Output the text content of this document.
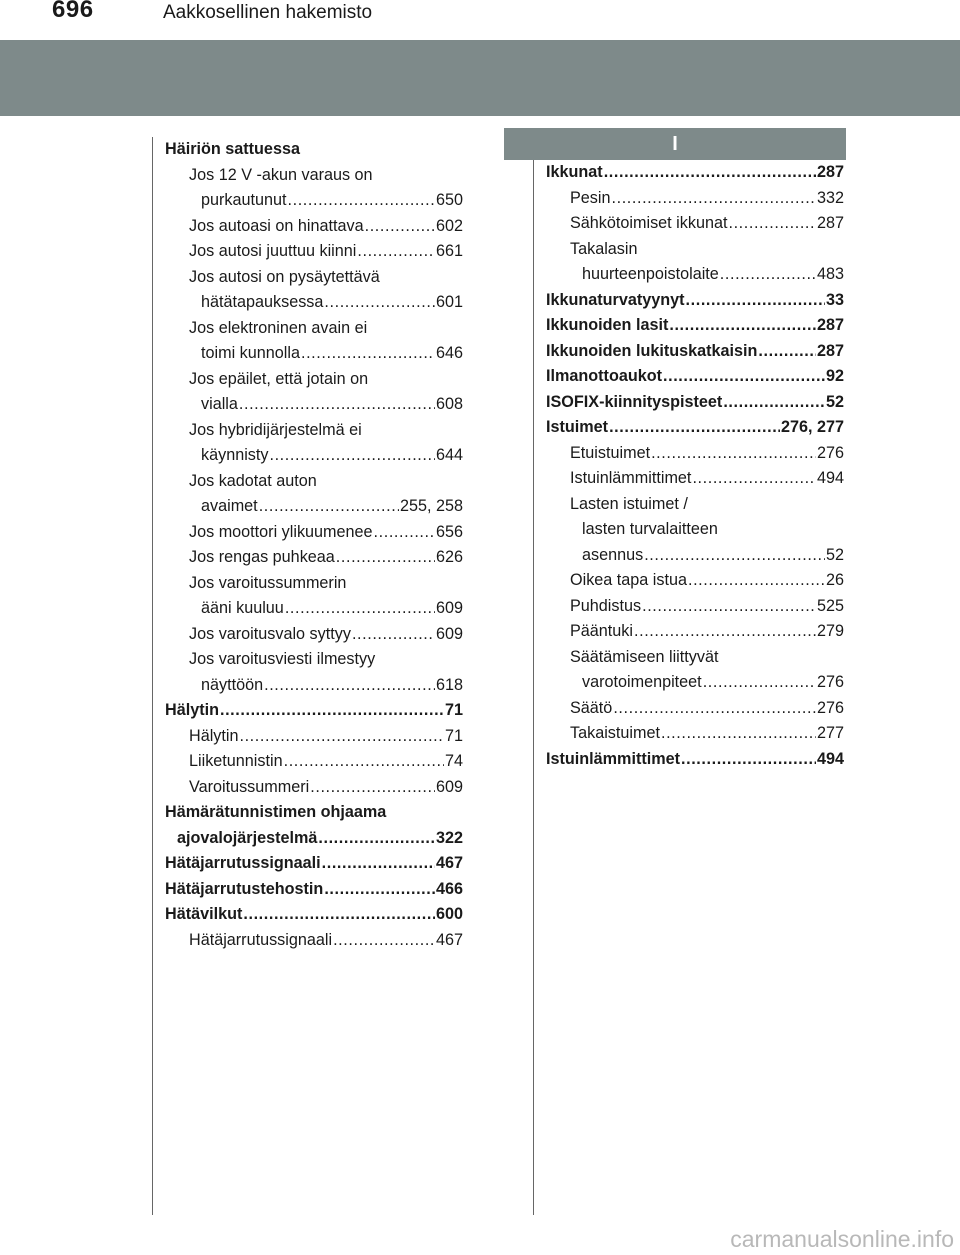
696	Aakkosellinen hakemisto
I
Häiriön sattuessa
Jos 12 V -akun varaus on
purkautunut .....	650
Jos autoasi on hinattava .....	602
Jos autosi juuttuu kiinni .....	661
Jos autosi on pysäytettävä
hätätapauksessa .....	601
Jos elektroninen avain ei
toimi kunnolla .....	646
Jos epäilet, että jotain on
vialla .....	608
Jos hybridijärjestelmä ei
käynnisty .....	644
Jos kadotat auton
avaimet .....	255, 258
Jos moottori ylikuumenee .....	656
Jos rengas puhkeaa .....	626
Jos varoitussummerin
ääni kuuluu .....	609
Jos varoitusvalo syttyy .....	609
Jos varoitusviesti ilmestyy
näyttöön .....	618
Hälytin .....	71
Hälytin .....	71
Liiketunnistin .....	74
Varoitussummeri .....	609
Hämärätunnistimen ohjaama
ajovalojärjestelmä .....	322
Hätäjarrutussignaali .....	467
Hätäjarrutustehostin .....	466
Hätävilkut .....	600
Hätäjarrutussignaali .....	467
Ikkunat .....	287
Pesin .....	332
Sähkötoimiset ikkunat .....	287
Takalasin
huurteenpoistolaite .....	483
Ikkunaturvatyynyt .....	33
Ikkunoiden lasit .....	287
Ikkunoiden lukituskatkaisin .....	287
Ilmanottoaukot .....	92
ISOFIX-kiinnityspisteet .....	52
Istuimet .....	276, 277
Etuistuimet .....	276
Istuinlämmittimet .....	494
Lasten istuimet /
lasten turvalaitteen
asennus .....	52
Oikea tapa istua .....	26
Puhdistus .....	525
Pääntuki .....	279
Säätämiseen liittyvät
varotoimenpiteet .....	276
Säätö .....	276
Takaistuimet .....	277
Istuinlämmittimet .....	494
carmanualsonline.info
